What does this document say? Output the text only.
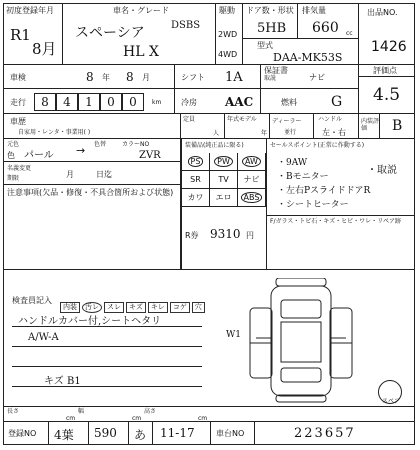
初度登録年月
R1
8月
車名・グレード
スペーシア	DSBS
HL X
駆動
2WD
4WD
ドア数・形状
5HB
排気量
660 cc
型式
DAA-MK53S
出品NO.
1426
車検	8 年 8 月	シフト 1A	保証書
取説	ナビ
評価点
4.5
走行	8	4	1	0	0	km 冷房 AAC	燃料 G
車歴
自家用・レンタ・事業用( )
定員
人
年式モデル
年
ディーラー
並行
ハンドル
左・右
内装評価	B
元色
色 パール → 色替	カラーNO
ZVR
名義変更
期限	月	日迄
注意事項(欠品・修復・不具合箇所および状態)
装備品(純正品に限る)
PS	PW	AW
SR	TV	ナビ
カワ	エロ	ABS
R券 9310 円
セールスポイント(正常に作動する)
・9AW
・Bモニター
・左右PスライドドアR
・シートヒーター
・取説
F/ガラス・トビ石・キズ・ヒビ・ワレ・リペア跡
検査員記入
内装 汚レ スレ キズ キレ コゲ 穴
ハンドルカバー付,シートヘタリ
A/W-A
キズ B1
W1
スペア
長さ
cm
幅
cm
高さ
cm
登録NO 4葉 590 あ 11-17	車台NO	223657
